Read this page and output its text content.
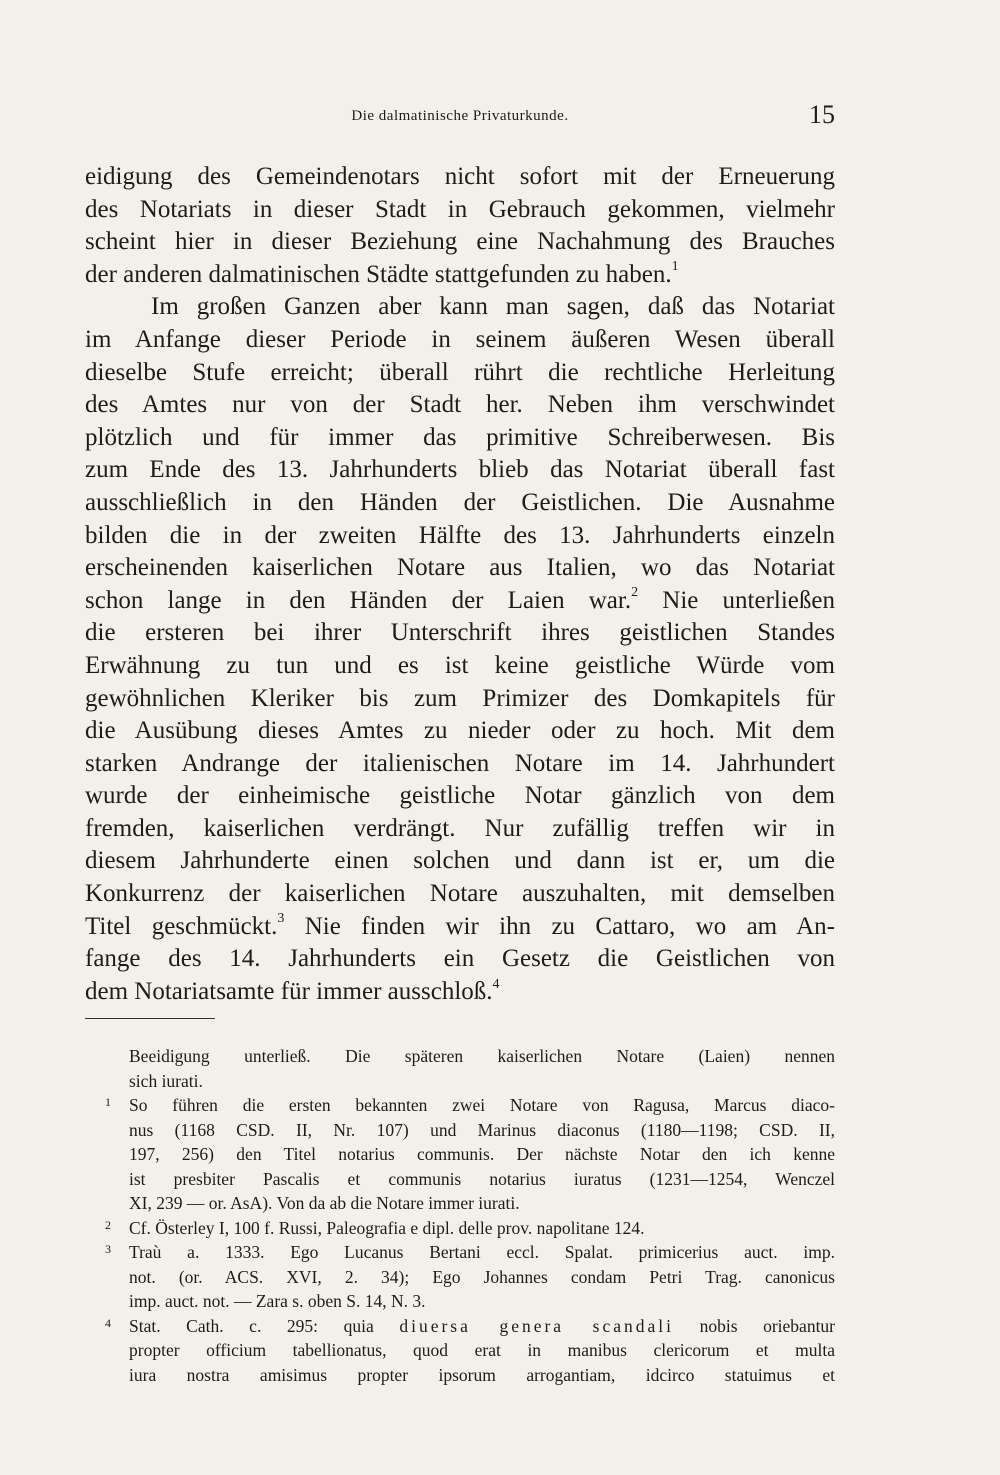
Die dalmatinische Privaturkunde.	15
eidigung des Gemeindenotars nicht sofort mit der Erneuerung
des Notariats in dieser Stadt in Gebrauch gekommen, vielmehr
scheint hier in dieser Beziehung eine Nachahmung des Brauches
der anderen dalmatinischen Städte stattgefunden zu haben.$^1$
Im großen Ganzen aber kann man sagen, daß das Notariat
im Anfange dieser Periode in seinem äußeren Wesen überall
dieselbe Stufe erreicht; überall rührt die rechtliche Herleitung
des Amtes nur von der Stadt her. Neben ihm verschwindet
plötzlich und für immer das primitive Schreiberwesen. Bis
zum Ende des 13. Jahrhunderts blieb das Notariat überall fast
ausschließlich in den Händen der Geistlichen. Die Ausnahme
bilden die in der zweiten Hälfte des 13. Jahrhunderts einzeln
erscheinenden kaiserlichen Notare aus Italien, wo das Notariat
schon lange in den Händen der Laien war.$^2$ Nie unterließen
die ersteren bei ihrer Unterschrift ihres geistlichen Standes
Erwähnung zu tun und es ist keine geistliche Würde vom
gewöhnlichen Kleriker bis zum Primizer des Domkapitels für
die Ausübung dieses Amtes zu nieder oder zu hoch. Mit dem
starken Andrange der italienischen Notare im 14. Jahrhundert
wurde der einheimische geistliche Notar gänzlich von dem
fremden, kaiserlichen verdrängt. Nur zufällig treffen wir in
diesem Jahrhunderte einen solchen und dann ist er, um die
Konkurrenz der kaiserlichen Notare auszuhalten, mit demselben
Titel geschmückt.$^3$ Nie finden wir ihn zu Cattaro, wo am An-
fange des 14. Jahrhunderts ein Gesetz die Geistlichen von
dem Notariatsamte für immer ausschloß.$^4$
Beeidigung unterließ. Die späteren kaiserlichen Notare (Laien) nennen
sich iurati.
1 So führen die ersten bekannten zwei Notare von Ragusa, Marcus diaco-
nus (1168 CSD. II, Nr. 107) und Marinus diaconus (1180—1198; CSD. II,
197, 256) den Titel notarius communis. Der nächste Notar den ich kenne
ist presbiter Pascalis et communis notarius iuratus (1231—1254, Wenczel
XI, 239 — or. AsA). Von da ab die Notare immer iurati.
2 Cf. Österley I, 100 f. Russi, Paleografia e dipl. delle prov. napolitane 124.
3 Traù a. 1333. Ego Lucanus Bertani eccl. Spalat. primicerius auct. imp.
not. (or. ACS. XVI, 2. 34); Ego Johannes condam Petri Trag. canonicus
imp. auct. not. — Zara s. oben S. 14, N. 3.
4 Stat. Cath. c. 295: quia diuersa genera scandali nobis oriebantur
propter officium tabellionatus, quod erat in manibus clericorum et multa
iura nostra amisimus propter ipsorum arrogantiam, idcirco statuimus et
